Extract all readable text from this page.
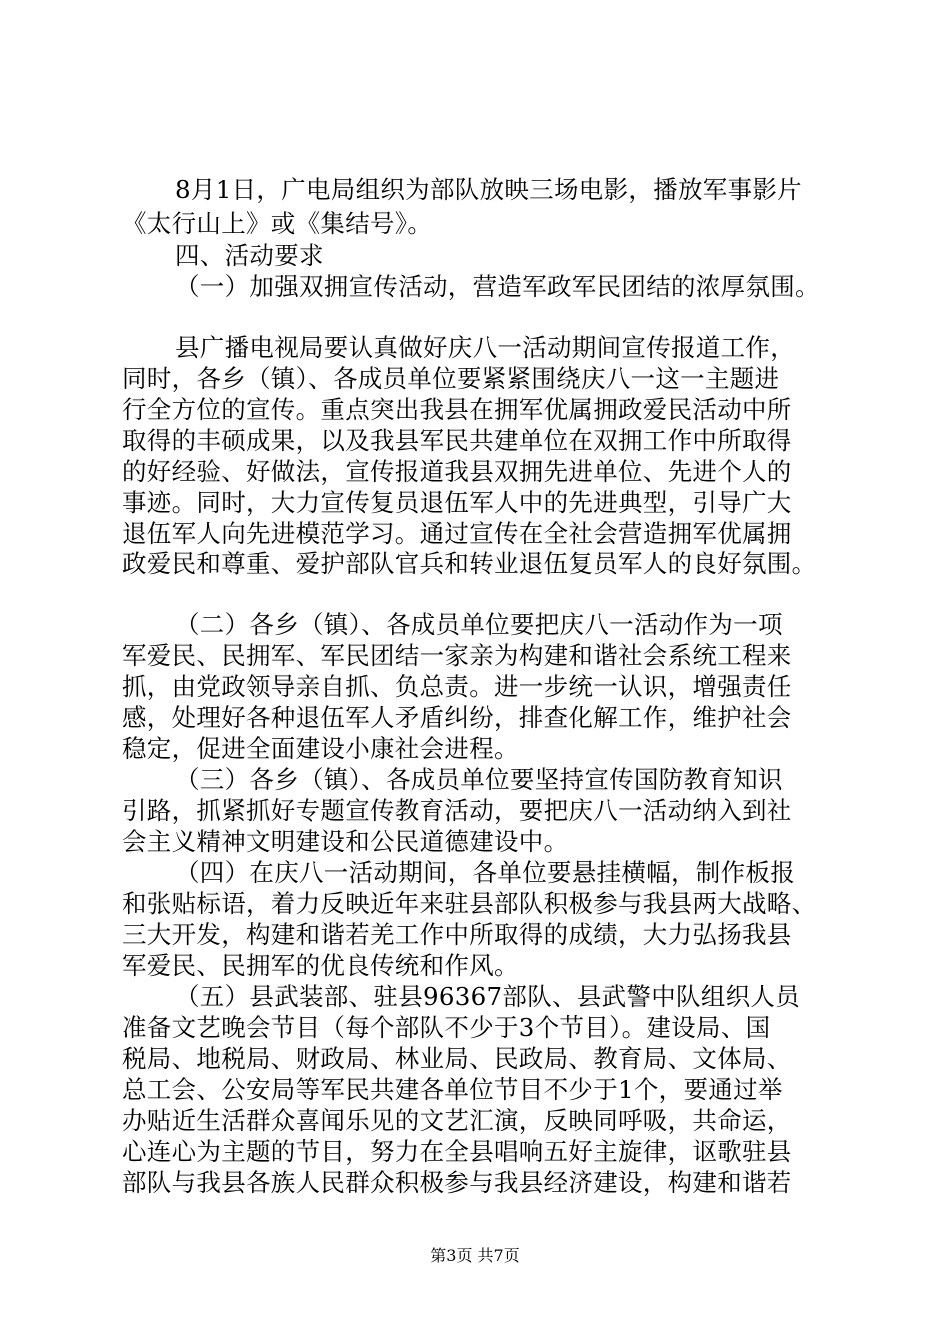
8月1日，广电局组织为部队放映三场电影，播放军事影片
《太行山上》或《集结号》。
四、活动要求
（一）加强双拥宣传活动，营造军政军民团结的浓厚氛围。
县广播电视局要认真做好庆八一活动期间宣传报道工作，
同时，各乡（镇）、各成员单位要紧紧围绕庆八一这一主题进
行全方位的宣传。重点突出我县在拥军优属拥政爱民活动中所
取得的丰硕成果，以及我县军民共建单位在双拥工作中所取得
的好经验、好做法，宣传报道我县双拥先进单位、先进个人的
事迹。同时，大力宣传复员退伍军人中的先进典型，引导广大
退伍军人向先进模范学习。通过宣传在全社会营造拥军优属拥
政爱民和尊重、爱护部队官兵和转业退伍复员军人的良好氛围。
（二）各乡（镇）、各成员单位要把庆八一活动作为一项
军爱民、民拥军、军民团结一家亲为构建和谐社会系统工程来
抓，由党政领导亲自抓、负总责。进一步统一认识，增强责任
感，处理好各种退伍军人矛盾纠纷，排查化解工作，维护社会
稳定，促进全面建设小康社会进程。
（三）各乡（镇）、各成员单位要坚持宣传国防教育知识
引路，抓紧抓好专题宣传教育活动，要把庆八一活动纳入到社
会主义精神文明建设和公民道德建设中。
（四）在庆八一活动期间，各单位要悬挂横幅，制作板报
和张贴标语，着力反映近年来驻县部队积极参与我县两大战略、
三大开发，构建和谐若羌工作中所取得的成绩，大力弘扬我县
军爱民、民拥军的优良传统和作风。
（五）县武装部、驻县96367部队、县武警中队组织人员
准备文艺晚会节目（每个部队不少于3个节目）。建设局、国
税局、地税局、财政局、林业局、民政局、教育局、文体局、
总工会、公安局等军民共建各单位节目不少于1个，要通过举
办贴近生活群众喜闻乐见的文艺汇演，反映同呼吸，共命运，
心连心为主题的节目，努力在全县唱响五好主旋律，讴歌驻县
部队与我县各族人民群众积极参与我县经济建设，构建和谐若
第3页 共7页
